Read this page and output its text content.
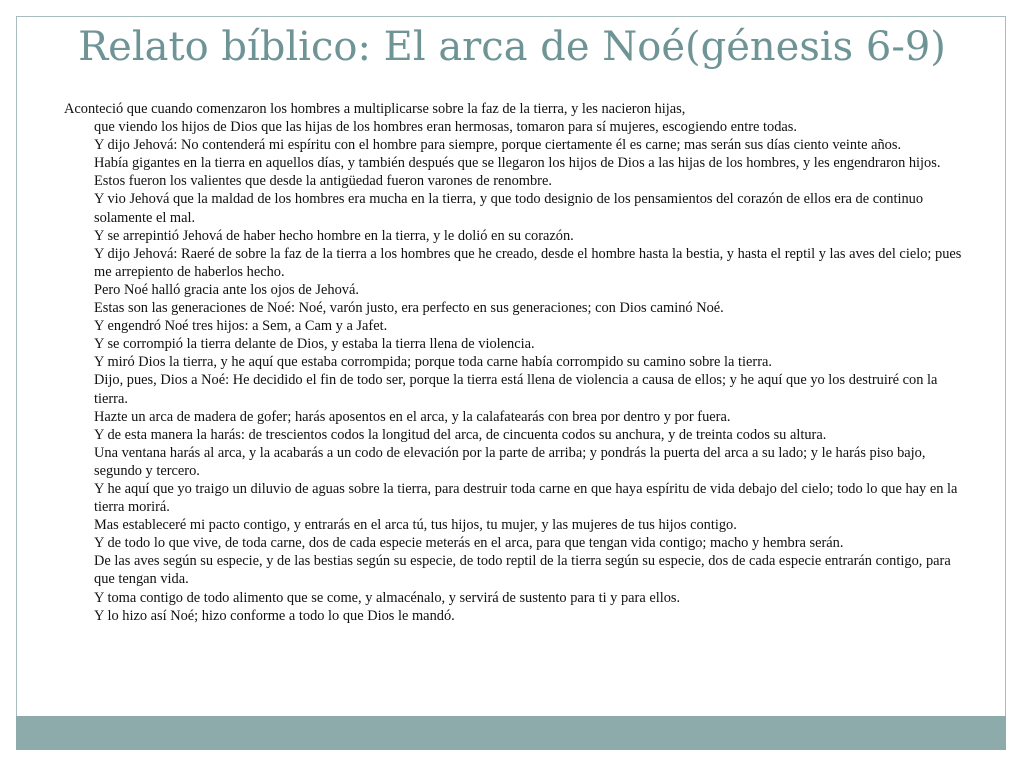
Relato bíblico: El arca de Noé(génesis 6-9)

Aconteció que cuando comenzaron los hombres a multiplicarse sobre la faz de la tierra, y les nacieron hijas,

que viendo los hijos de Dios que las hijas de los hombres eran hermosas, tomaron para sí mujeres, escogiendo entre todas.

Y dijo Jehová: No contenderá mi espíritu con el hombre para siempre, porque ciertamente él es carne; mas serán sus días ciento veinte años.

Había gigantes en la tierra en aquellos días, y también después que se llegaron los hijos de Dios a las hijas de los hombres, y les engendraron hijos. Estos fueron los valientes que desde la antigüedad fueron varones de renombre.

Y vio Jehová que la maldad de los hombres era mucha en la tierra, y que todo designio de los pensamientos del corazón de ellos era de continuo solamente el mal.

Y se arrepintió Jehová de haber hecho hombre en la tierra, y le dolió en su corazón.

Y dijo Jehová: Raeré de sobre la faz de la tierra a los hombres que he creado, desde el hombre hasta la bestia, y hasta el reptil y las aves del cielo; pues me arrepiento de haberlos hecho.

Pero Noé halló gracia ante los ojos de Jehová.

Estas son las generaciones de Noé: Noé, varón justo, era perfecto en sus generaciones; con Dios caminó Noé.

Y engendró Noé tres hijos: a Sem, a Cam y a Jafet.

Y se corrompió la tierra delante de Dios, y estaba la tierra llena de violencia.

Y miró Dios la tierra, y he aquí que estaba corrompida; porque toda carne había corrompido su camino sobre la tierra.

Dijo, pues, Dios a Noé: He decidido el fin de todo ser, porque la tierra está llena de violencia a causa de ellos; y he aquí que yo los destruiré con la tierra.

Hazte un arca de madera de gofer; harás aposentos en el arca, y la calafatearás con brea por dentro y por fuera.

Y de esta manera la harás: de trescientos codos la longitud del arca, de cincuenta codos su anchura, y de treinta codos su altura.

Una ventana harás al arca, y la acabarás a un codo de elevación por la parte de arriba; y pondrás la puerta del arca a su lado; y le harás piso bajo, segundo y tercero.

Y he aquí que yo traigo un diluvio de aguas sobre la tierra, para destruir toda carne en que haya espíritu de vida debajo del cielo; todo lo que hay en la tierra morirá.

Mas estableceré mi pacto contigo, y entrarás en el arca tú, tus hijos, tu mujer, y las mujeres de tus hijos contigo.

Y de todo lo que vive, de toda carne, dos de cada especie meterás en el arca, para que tengan vida contigo; macho y hembra serán.

De las aves según su especie, y de las bestias según su especie, de todo reptil de la tierra según su especie, dos de cada especie entrarán contigo, para que tengan vida.

Y toma contigo de todo alimento que se come, y almacénalo, y servirá de sustento para ti y para ellos.

Y lo hizo así Noé; hizo conforme a todo lo que Dios le mandó.
